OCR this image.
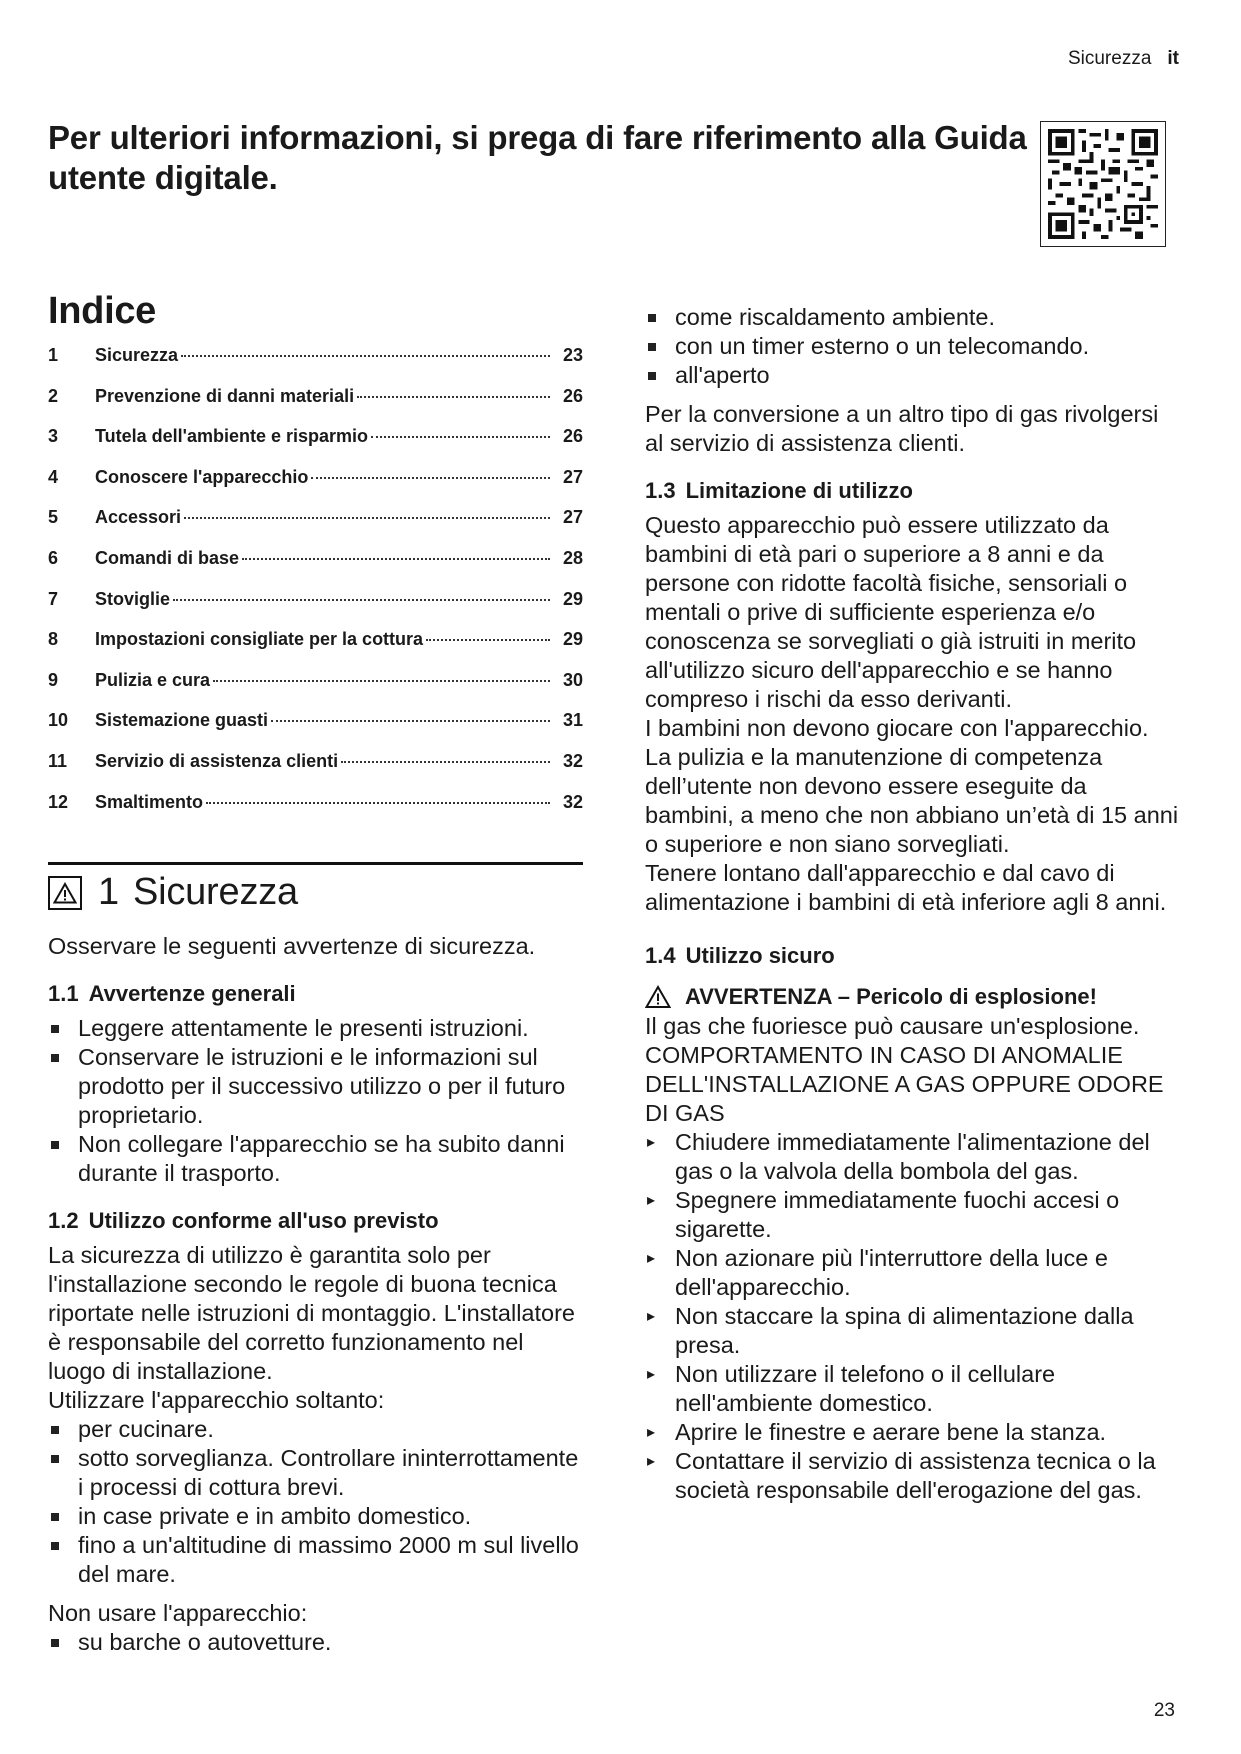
Sicurezza it
Per ulteriori informazioni, si prega di fare riferimento alla Guida utente digitale.
Indice
1	Sicurezza	23
2	Prevenzione di danni materiali	26
3	Tutela dell'ambiente e risparmio	26
4	Conoscere l'apparecchio	27
5	Accessori	27
6	Comandi di base	28
7	Stoviglie	29
8	Impostazioni consigliate per la cottura	29
9	Pulizia e cura	30
10	Sistemazione guasti	31
11	Servizio di assistenza clienti	32
12	Smaltimento	32
1 Sicurezza

Osservare le seguenti avvertenze di sicurezza.

1.1 Avvertenze generali
Leggere attentamente le presenti istruzioni.
Conservare le istruzioni e le informazioni sul prodotto per il successivo utilizzo o per il futuro proprietario.
Non collegare l'apparecchio se ha subito danni durante il trasporto.
1.2 Utilizzo conforme all'uso previsto

La sicurezza di utilizzo è garantita solo per l'installazione secondo le regole di buona tecnica riportate nelle istruzioni di montaggio. L'installatore è responsabile del corretto funzionamento nel luogo di installazione.

Utilizzare l'apparecchio soltanto:

per cucinare.
sotto sorveglianza. Controllare ininterrottamente i processi di cottura brevi.
in case private e in ambito domestico.
fino a un'altitudine di massimo 2000 m sul livello del mare.

Non usare l'apparecchio:

su barche o autovetture.
come riscaldamento ambiente.
con un timer esterno o un telecomando.
all'aperto

Per la conversione a un altro tipo di gas rivolgersi al servizio di assistenza clienti.

1.3 Limitazione di utilizzo

Questo apparecchio può essere utilizzato da bambini di età pari o superiore a 8 anni e da persone con ridotte facoltà fisiche, sensoriali o mentali o prive di sufficiente esperienza e/o conoscenza se sorvegliati o già istruiti in merito all'utilizzo sicuro dell'apparecchio e se hanno compreso i rischi da esso derivanti.

I bambini non devono giocare con l'apparecchio.

La pulizia e la manutenzione di competenza dell’utente non devono essere eseguite da bambini, a meno che non abbiano un’età di 15 anni o superiore e non siano sorvegliati.

Tenere lontano dall'apparecchio e dal cavo di alimentazione i bambini di età inferiore agli 8 anni.

1.4 Utilizzo sicuro
AVVERTENZA – Pericolo di esplosione!

Il gas che fuoriesce può causare un'esplosione. COMPORTAMENTO IN CASO DI ANOMALIE DELL'INSTALLAZIONE A GAS OPPURE ODORE DI GAS

▸ Chiudere immediatamente l'alimentazione del gas o la valvola della bombola del gas.
▸ Spegnere immediatamente fuochi accesi o sigarette.
▸ Non azionare più l'interruttore della luce e dell'apparecchio.
▸ Non staccare la spina di alimentazione dalla presa.
▸ Non utilizzare il telefono o il cellulare nell'ambiente domestico.
▸ Aprire le finestre e aerare bene la stanza.
▸ Contattare il servizio di assistenza tecnica o la società responsabile dell'erogazione del gas.
23
